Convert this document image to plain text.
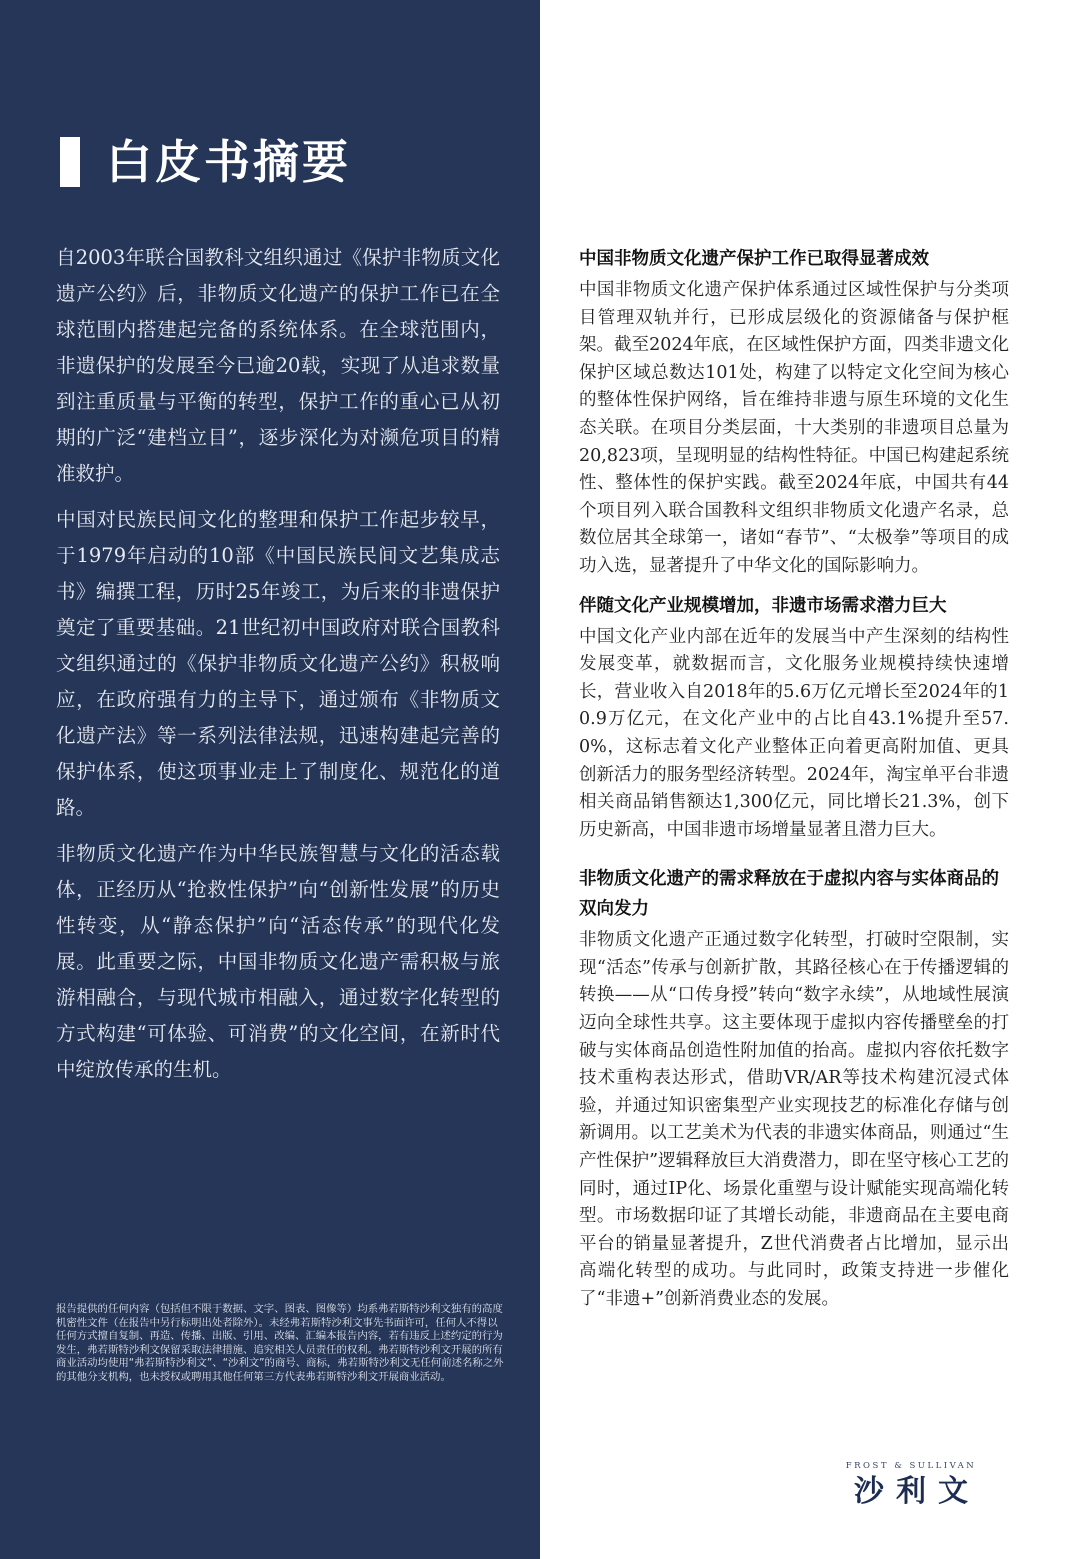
白皮书摘要

自2003年联合国教科文组织通过《保护非物质文化遗产公约》后，非物质文化遗产的保护工作已在全球范围内搭建起完备的系统体系。在全球范围内，非遗保护的发展至今已逾20载，实现了从追求数量到注重质量与平衡的转型，保护工作的重心已从初期的广泛“建档立目”，逐步深化为对濒危项目的精准救护。

中国对民族民间文化的整理和保护工作起步较早，于1979年启动的10部《中国民族民间文艺集成志书》编撰工程，历时25年竣工，为后来的非遗保护奠定了重要基础。21世纪初中国政府对联合国教科文组织通过的《保护非物质文化遗产公约》积极响应，在政府强有力的主导下，通过颁布《非物质文化遗产法》等一系列法律法规，迅速构建起完善的保护体系，使这项事业走上了制度化、规范化的道路。

非物质文化遗产作为中华民族智慧与文化的活态载体，正经历从“抢救性保护”向“创新性发展”的历史性转变，从“静态保护”向“活态传承”的现代化发展。此重要之际，中国非物质文化遗产需积极与旅游相融合，与现代城市相融入，通过数字化转型的方式构建“可体验、可消费”的文化空间，在新时代中绽放传承的生机。

报告提供的任何内容（包括但不限于数据、文字、图表、图像等）均系弗若斯特沙利文独有的高度机密性文件（在报告中另行标明出处者除外）。未经弗若斯特沙利文事先书面许可，任何人不得以任何方式擅自复制、再造、传播、出版、引用、改编、汇编本报告内容，若有违反上述约定的行为发生，弗若斯特沙利文保留采取法律措施、追究相关人员责任的权利。弗若斯特沙利文开展的所有商业活动均使用“弗若斯特沙利文”、“沙利文”的商号、商标，弗若斯特沙利文无任何前述名称之外的其他分支机构，也未授权或聘用其他任何第三方代表弗若斯特沙利文开展商业活动。
中国非物质文化遗产保护工作已取得显著成效

中国非物质文化遗产保护体系通过区域性保护与分类项目管理双轨并行，已形成层级化的资源储备与保护框架。截至2024年底，在区域性保护方面，四类非遗文化保护区域总数达101处，构建了以特定文化空间为核心的整体性保护网络，旨在维持非遗与原生环境的文化生态关联。在项目分类层面，十大类别的非遗项目总量为20,823项，呈现明显的结构性特征。中国已构建起系统性、整体性的保护实践。截至2024年底，中国共有44个项目列入联合国教科文组织非物质文化遗产名录，总数位居其全球第一，诸如“春节”、“太极拳”等项目的成功入选，显著提升了中华文化的国际影响力。

伴随文化产业规模增加，非遗市场需求潜力巨大

中国文化产业内部在近年的发展当中产生深刻的结构性发展变革，就数据而言，文化服务业规模持续快速增长，营业收入自2018年的5.6万亿元增长至2024年的10.9万亿元，在文化产业中的占比自43.1%提升至57.0%，这标志着文化产业整体正向着更高附加值、更具创新活力的服务型经济转型。2024年，淘宝单平台非遗相关商品销售额达1,300亿元，同比增长21.3%，创下历史新高，中国非遗市场增量显著且潜力巨大。

非物质文化遗产的需求释放在于虚拟内容与实体商品的双向发力

非物质文化遗产正通过数字化转型，打破时空限制，实现“活态”传承与创新扩散，其路径核心在于传播逻辑的转换——从“口传身授”转向“数字永续”，从地域性展演迈向全球性共享。这主要体现于虚拟内容传播壁垒的打破与实体商品创造性附加值的抬高。虚拟内容依托数字技术重构表达形式，借助VR/AR等技术构建沉浸式体验，并通过知识密集型产业实现技艺的标准化存储与创新调用。以工艺美术为代表的非遗实体商品，则通过“生产性保护”逻辑释放巨大消费潜力，即在坚守核心工艺的同时，通过IP化、场景化重塑与设计赋能实现高端化转型。市场数据印证了其增长动能，非遗商品在主要电商平台的销量显著提升，Z世代消费者占比增加，显示出高端化转型的成功。与此同时，政策支持进一步催化了“非遗+”创新消费业态的发展。

FROST & SULLIVAN
沙利文
